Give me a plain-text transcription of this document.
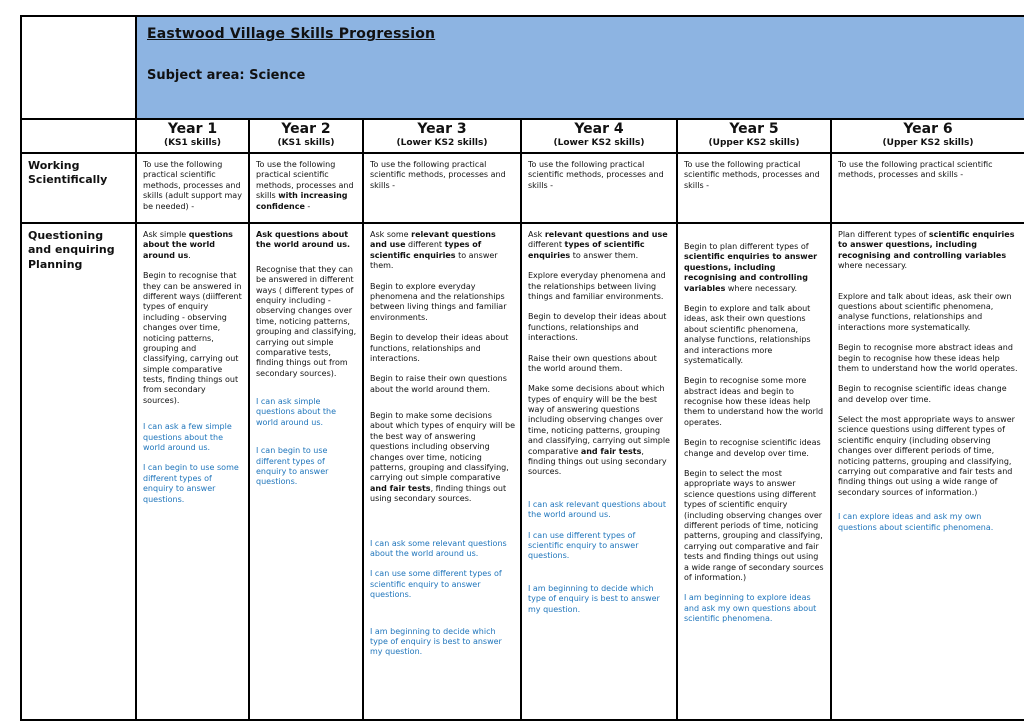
Eastwood Village Skills Progression
Subject area: Science
Year 1
(KS1 skills)
Year 2
(KS1 skills)
Year 3
(Lower KS2 skills)
Year 4
(Lower KS2 skills)
Year 5
(Upper KS2 skills)
Year 6
(Upper KS2 skills)
Working Scientifically

To use the following practical scientific methods, processes and skills (adult support may be needed) -

To use the following practical scientific methods, processes and skills with increasing confidence -

To use the following practical scientific methods, processes and skills -

To use the following practical scientific methods, processes and skills -

To use the following practical scientific methods, processes and skills -

To use the following practical scientific methods, processes and skills -

Questioning and enquiring Planning

Ask simple questions about the world around us.

Begin to recognise that they can be answered in different ways (diifferent types of enquiry including - observing changes over time, noticing patterns, grouping and classifying, carrying out simple comparative tests, finding things out from secondary sources).

I can ask a few simple questions about the world around us.

I can begin to use some different types of enquiry to answer questions.

Ask questions about the world around us.

Recognise that they can be answered in different ways ( different types of enquiry including - observing changes over time, noticing patterns, grouping and classifying, carrying out simple comparative tests, finding things out from secondary sources).

I can ask simple questions about the world around us.

I can begin to use different types of enquiry to answer questions.

Ask some relevant questions and use different types of scientific enquiries to answer them.

Begin to explore everyday phenomena and the relationships between living things and familiar environments.

Begin to develop their ideas about functions, relationships and interactions.

Begin to raise their own questions about the world around them.

Begin to make some decisions about which types of enquiry will be the best way of answering questions including observing changes over time, noticing patterns, grouping and classifying, carrying out simple comparative and fair tests, finding things out using secondary sources.

I can ask some relevant questions about the world around us.

I can use some different types of scientific enquiry to answer questions.

I am beginning to decide which type of enquiry is best to answer my question.

Ask relevant questions and use different types of scientific enquiries to answer them.

Explore everyday phenomena and the relationships between living things and familiar environments.

Begin to develop their ideas about functions, relationships and interactions.

Raise their own questions about the world around them.

Make some decisions about which types of enquiry will be the best way of answering questions including observing changes over time, noticing patterns, grouping and classifying, carrying out simple comparative and fair tests, finding things out using secondary sources.

I can ask relevant questions about the world around us.

I can use different types of scientific enquiry to answer questions.

I am beginning to decide which type of enquiry is best to answer my question.

Begin to plan different types of scientific enquiries to answer questions, including recognising and controlling variables where necessary.

Begin to explore and talk about ideas, ask their own questions about scientific phenomena, analyse functions, relationships and interactions more systematically.

Begin to recognise some more abstract ideas and begin to recognise how these ideas help them to understand how the world operates.

Begin to recognise scientific ideas change and develop over time.

Begin to select the most appropriate ways to answer science questions using different types of scientific enquiry (including observing changes over different periods of time, noticing patterns, grouping and classifying, carrying out comparative and fair tests and finding things out using a wide range of secondary sources of information.)

I am beginning to explore ideas and ask my own questions about scientific phenomena.

Plan different types of scientific enquiries to answer questions, including recognising and controlling variables where necessary.

Explore and talk about ideas, ask their own questions about scientific phenomena, analyse functions, relationships and interactions more systematically.

Begin to recognise more abstract ideas and begin to recognise how these ideas help them to understand how the world operates.

Begin to recognise scientific ideas change and develop over time.

Select the most appropriate ways to answer science questions using different types of scientific enquiry (including observing changes over different periods of time, noticing patterns, grouping and classifying, carrying out comparative and fair tests and finding things out using a wide range of secondary sources of information.)

I can explore ideas and ask my own questions about scientific phenomena.
